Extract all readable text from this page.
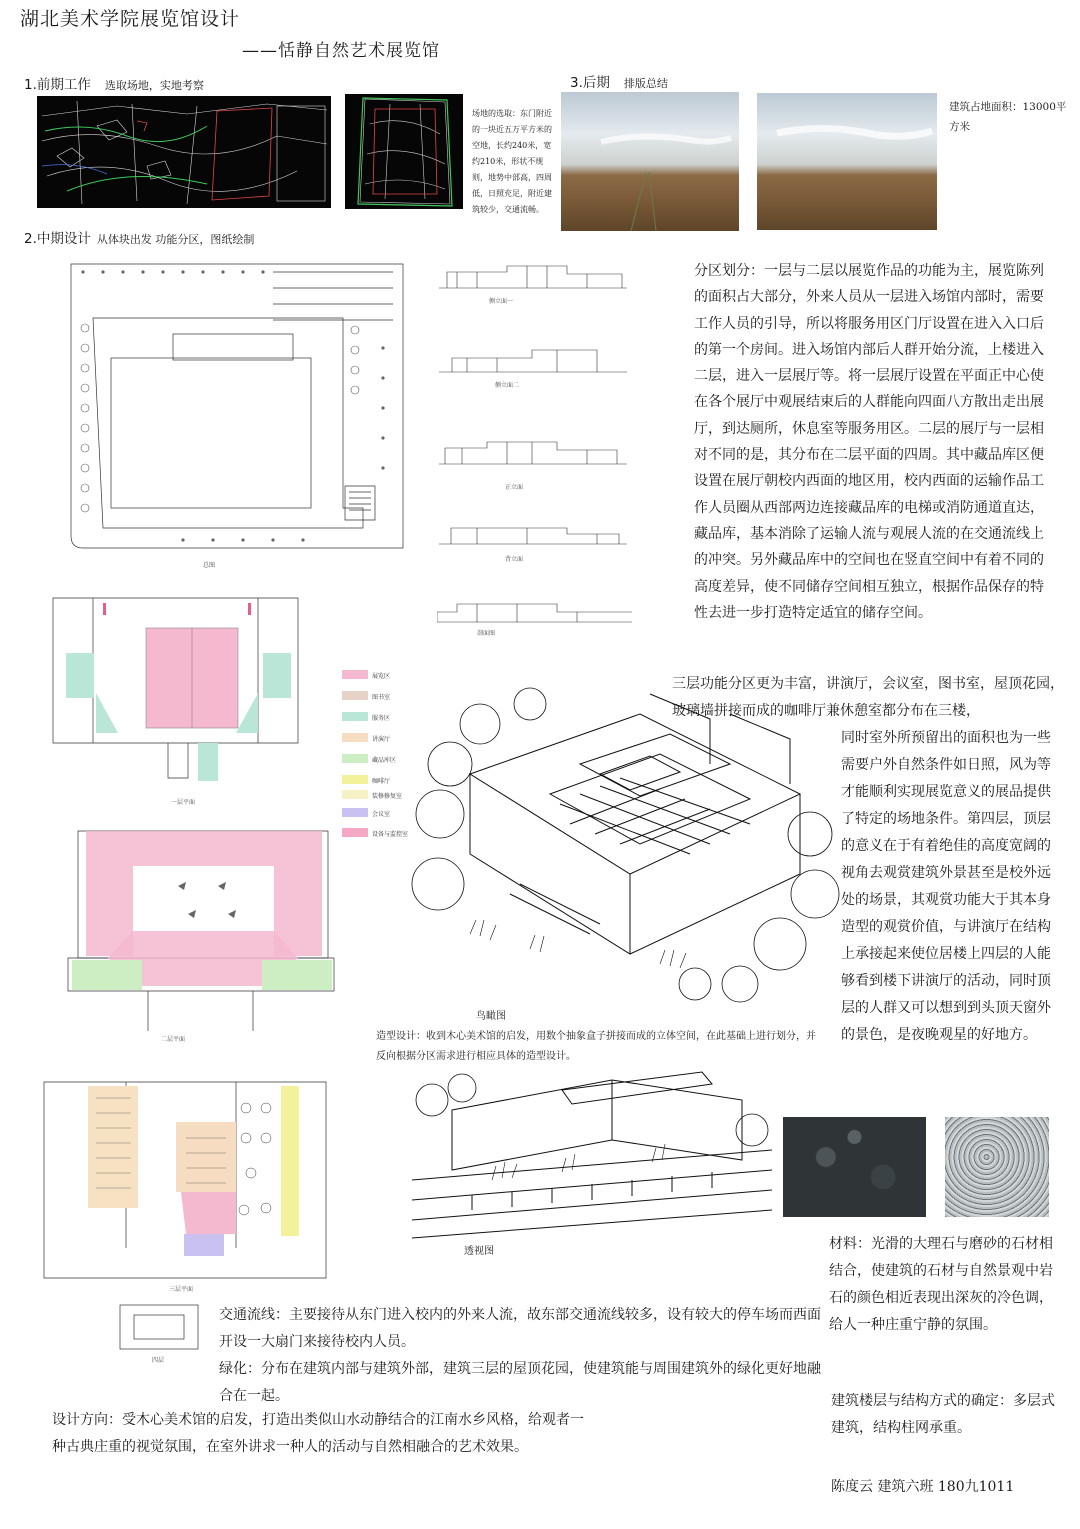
湖北美术学院展览馆设计
——恬静自然艺术展览馆
1.前期工作 选取场地，实地考察	3.后期 排版总结
2.中期设计 从体块出发 功能分区，图纸绘制
场地的选取：东门附近的一块近五万平方米的空地，长约240米，宽约210米，形状不规则，地势中部高，四周低，日照充足，附近建筑较少，交通流畅。
建筑占地面积：13000平方米
总图
侧立面一
侧立面二
正立面
背立面
剖面图
分区划分：一层与二层以展览作品的功能为主，展览陈列的面积占大部分，外来人员从一层进入场馆内部时，需要工作人员的引导，所以将服务用区门厅设置在进入入口后的第一个房间。进入场馆内部后人群开始分流，上楼进入二层，进入一层展厅等。将一层展厅设置在平面正中心使在各个展厅中观展结束后的人群能向四面八方散出走出展厅，到达厕所，休息室等服务用区。二层的展厅与一层相对不同的是，其分布在二层平面的四周。其中藏品库区便设置在展厅朝校内西面的地区用，校内西面的运输作品工作人员圈从西部两边连接藏品库的电梯或消防通道直达，藏品库，基本消除了运输人流与观展人流的在交通流线上的冲突。另外藏品库中的空间也在竖直空间中有着不同的高度差异，使不同储存空间相互独立，根据作品保存的特性去进一步打造特定适宜的储存空间。
一层平面
展览区
图书室
服务区
讲演厅
藏品库区
咖啡厅
装修修复室
会议室
设备与监控室
二层平面
鸟瞰图
三层功能分区更为丰富，讲演厅，会议室，图书室，屋顶花园，玻璃墙拼接而成的咖啡厅兼休憩室都分布在三楼，
同时室外所预留出的面积也为一些需要户外自然条件如日照，风为等才能顺利实现展览意义的展品提供了特定的场地条件。第四层，顶层的意义在于有着绝佳的高度宽阔的视角去观赏建筑外景甚至是校外远处的场景，其观赏功能大于其本身造型的观赏价值，与讲演厅在结构上承接起来使位居楼上四层的人能够看到楼下讲演厅的活动，同时顶层的人群又可以想到到头顶天窗外的景色，是夜晚观星的好地方。
造型设计：收到木心美术馆的启发，用数个抽象盒子拼接而成的立体空间，在此基础上进行划分，并反向根据分区需求进行相应具体的造型设计。
三层平面
透视图	材料：光滑的大理石与磨砂的石材相结合，使建筑的石材与自然景观中岩石的颜色相近表现出深灰的冷色调，给人一种庄重宁静的氛围。
四层
交通流线：主要接待从东门进入校内的外来人流，故东部交通流线较多，设有较大的停车场而西面开设一大扇门来接待校内人员。
绿化：分布在建筑内部与建筑外部，建筑三层的屋顶花园，使建筑能与周围建筑外的绿化更好地融合在一起。
设计方向：受木心美术馆的启发，打造出类似山水动静结合的江南水乡风格，给观者一种古典庄重的视觉氛围，在室外讲求一种人的活动与自然相融合的艺术效果。
建筑楼层与结构方式的确定：多层式建筑，结构柱网承重。
陈度云 建筑六班 180九1011
